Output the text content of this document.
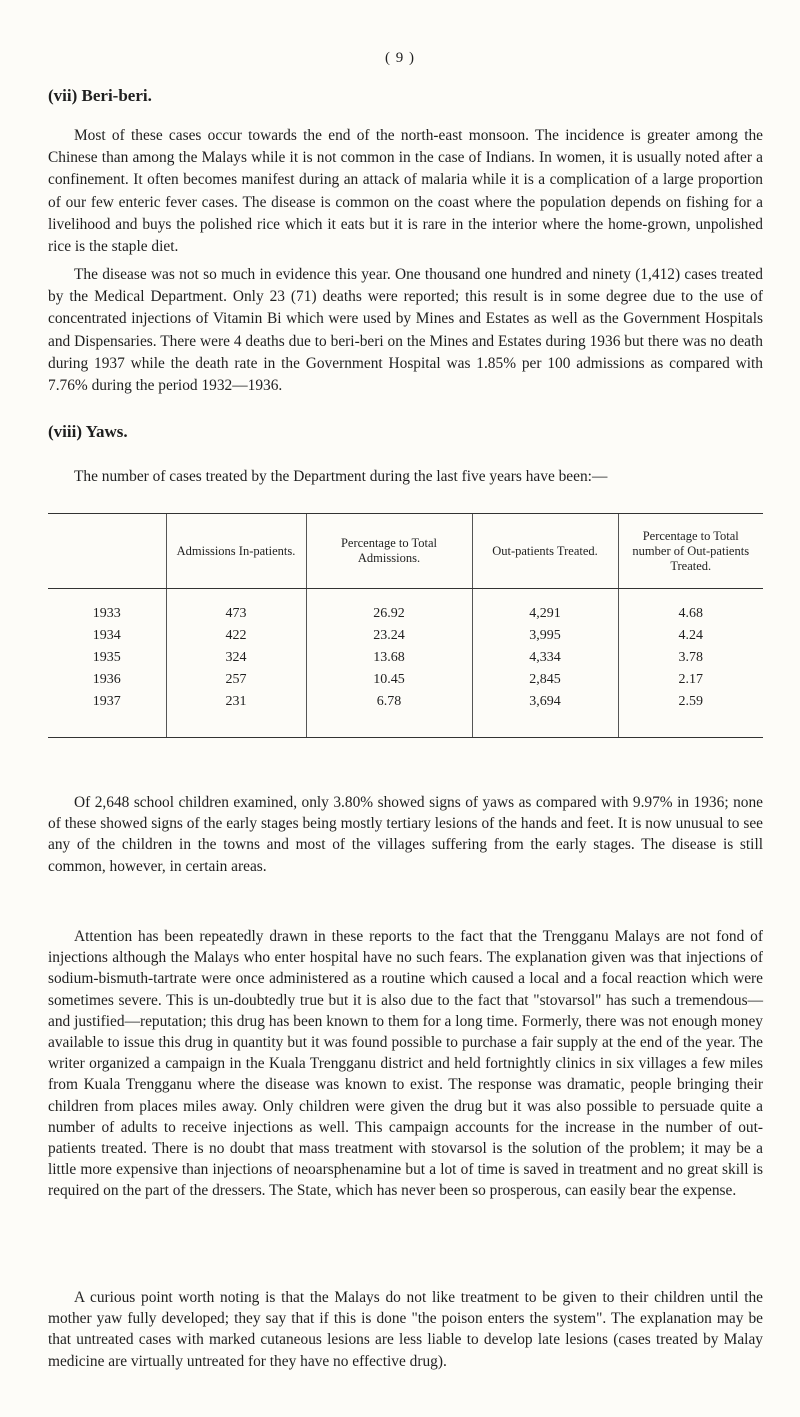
( 9 )
(vii) Beri-beri.

Most of these cases occur towards the end of the north-east monsoon. The incidence is greater among the Chinese than among the Malays while it is not common in the case of Indians. In women, it is usually noted after a confinement. It often becomes manifest during an attack of malaria while it is a complication of a large proportion of our few enteric fever cases. The disease is common on the coast where the population depends on fishing for a livelihood and buys the polished rice which it eats but it is rare in the interior where the home-grown, unpolished rice is the staple diet.

The disease was not so much in evidence this year. One thousand one hundred and ninety (1,412) cases treated by the Medical Department. Only 23 (71) deaths were reported; this result is in some degree due to the use of concentrated injections of Vitamin Bi which were used by Mines and Estates as well as the Government Hospitals and Dispensaries. There were 4 deaths due to beri-beri on the Mines and Estates during 1936 but there was no death during 1937 while the death rate in the Government Hospital was 1.85% per 100 admissions as compared with 7.76% during the period 1932—1936.

(viii) Yaws.

The number of cases treated by the Department during the last five years have been:—

	Admissions In-patients.	Percentage to Total Admissions.	Out-patients Treated.	Percentage to Total number of Out-patients Treated.
1933	473	26.92	4,291	4.68
1934	422	23.24	3,995	4.24
1935	324	13.68	4,334	3.78
1936	257	10.45	2,845	2.17
1937	231	6.78	3,694	2.59

Of 2,648 school children examined, only 3.80% showed signs of yaws as compared with 9.97% in 1936; none of these showed signs of the early stages being mostly tertiary lesions of the hands and feet. It is now unusual to see any of the children in the towns and most of the villages suffering from the early stages. The disease is still common, however, in certain areas.

Attention has been repeatedly drawn in these reports to the fact that the Trengganu Malays are not fond of injections although the Malays who enter hospital have no such fears. The explanation given was that injections of sodium-bismuth-tartrate were once administered as a routine which caused a local and a focal reaction which were sometimes severe. This is un-doubtedly true but it is also due to the fact that "stovarsol" has such a tremendous—and justified—reputation; this drug has been known to them for a long time. Formerly, there was not enough money available to issue this drug in quantity but it was found possible to purchase a fair supply at the end of the year. The writer organized a campaign in the Kuala Trengganu district and held fortnightly clinics in six villages a few miles from Kuala Trengganu where the disease was known to exist. The response was dramatic, people bringing their children from places miles away. Only children were given the drug but it was also possible to persuade quite a number of adults to receive injections as well. This campaign accounts for the increase in the number of out-patients treated. There is no doubt that mass treatment with stovarsol is the solution of the problem; it may be a little more expensive than injections of neoarsphenamine but a lot of time is saved in treatment and no great skill is required on the part of the dressers. The State, which has never been so prosperous, can easily bear the expense.

A curious point worth noting is that the Malays do not like treatment to be given to their children until the mother yaw fully developed; they say that if this is done "the poison enters the system". The explanation may be that untreated cases with marked cutaneous lesions are less liable to develop late lesions (cases treated by Malay medicine are virtually untreated for they have no effective drug).
